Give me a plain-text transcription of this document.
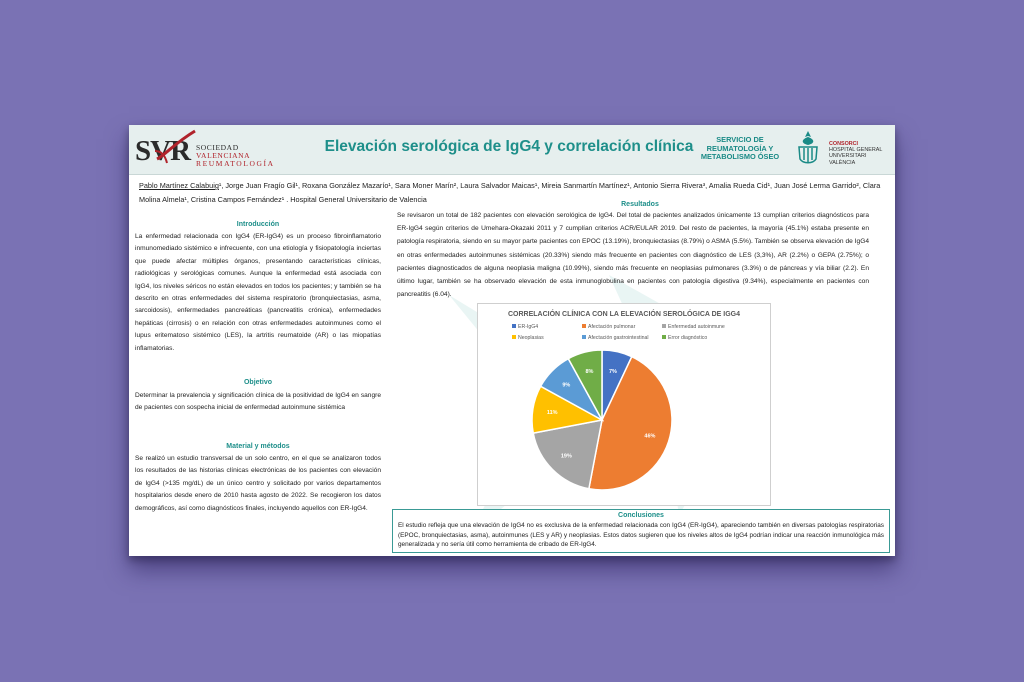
SVR SOCIEDAD VALENCIANA
REUMATOLOGÍA
Elevación serológica de IgG4 y correlación clínica	SERVICIO DE
REUMATOLOGÍA Y
METABOLISMO ÓSEO
CONSORCI
HOSPITAL GENERAL
UNIVERSITARI
VALÈNCIA
Pablo Martínez Calabuig¹, Jorge Juan Fragío Gil¹, Roxana González Mazarío¹, Sara Moner Marín², Laura Salvador Maicas¹, Mireia Sanmartín Martínez¹, Antonio Sierra Rivera³, Amalia Rueda Cid¹, Juan José Lerma Garrido², Clara Molina Almela¹, Cristina Campos Fernández¹ . Hospital General Universitario de Valencia
Introducción
La enfermedad relacionada con IgG4 (ER-IgG4) es un proceso fibroinflamatorio inmunomediado sistémico e infrecuente, con una etiología y fisiopatología inciertas que puede afectar múltiples órganos, presentando características clínicas, radiológicas y serológicas comunes. Aunque la enfermedad está asociada con IgG4, los niveles séricos no están elevados en todos los pacientes; y también se ha descrito en otras enfermedades del sistema respiratorio (bronquiectasias, asma, sarcoidosis), enfermedades pancreáticas (pancreatitis crónica), enfermedades hepáticas (cirrosis) o en relación con otras enfermedades autoinmunes como el lupus eritematoso sistémico (LES), la artritis reumatoide (AR) o las miopatías inflamatorias.
Objetivo
Determinar la prevalencia y significación clínica de la positividad de IgG4 en sangre de pacientes con sospecha inicial de enfermedad autoinmune sistémica
Material y métodos
Se realizó un estudio transversal de un solo centro, en el que se analizaron todos los resultados de las historias clínicas electrónicas de los pacientes con elevación de IgG4 (>135 mg/dL) de un único centro y solicitado por varios departamentos hospitalarios desde enero de 2010 hasta agosto de 2022. Se recogieron los datos demográficos, así como diagnósticos finales, incluyendo aquellos con ER-IgG4.
Resultados
Se revisaron un total de 182 pacientes con elevación serológica de IgG4. Del total de pacientes analizados únicamente 13 cumplían criterios diagnósticos para ER-IgG4 según criterios de Umehara-Okazaki 2011 y 7 cumplían criterios ACR/EULAR 2019. Del resto de pacientes, la mayoría (45.1%) estaba presente en patología respiratoria, siendo en su mayor parte pacientes con EPOC (13.19%), bronquiectasias (8.79%) o ASMA (5.5%). También se observa elevación de IgG4 en otras enfermedades autoinmunes sistémicas (20.33%) siendo más frecuente en pacientes con diagnóstico de LES (3,3%), AR (2.2%) o GEPA (2.75%); o pacientes diagnosticados de alguna neoplasia maligna (10.99%), siendo más frecuente en neoplasias pulmonares (3.3%) o de páncreas y vía biliar (2.2). En último lugar, también se ha observado elevación de esta inmunoglobulina en pacientes con patología digestiva (9.34%), especialmente en pacientes con pancreatitis (6.04).
CORRELACIÓN CLÍNICA CON LA ELEVACIÓN SEROLÓGICA DE IGG4
ER-IgG4	Afectación pulmonar	Enfermedad autoinmune
Neoplasias	Afectación gastrointestinal	Error diagnóstico
7%
46%
19%
11%
9%
8%
Conclusiones
El estudio refleja que una elevación de IgG4 no es exclusiva de la enfermedad relacionada con IgG4 (ER-IgG4), apareciendo también en diversas patologías respiratorias (EPOC, bronquiectasias, asma), autoinmunes (LES y AR) y neoplasias. Estos datos sugieren que los niveles altos de IgG4 podrían indicar una reacción inmunológica más generalizada y no sería útil como herramienta de cribado de ER-IgG4.
